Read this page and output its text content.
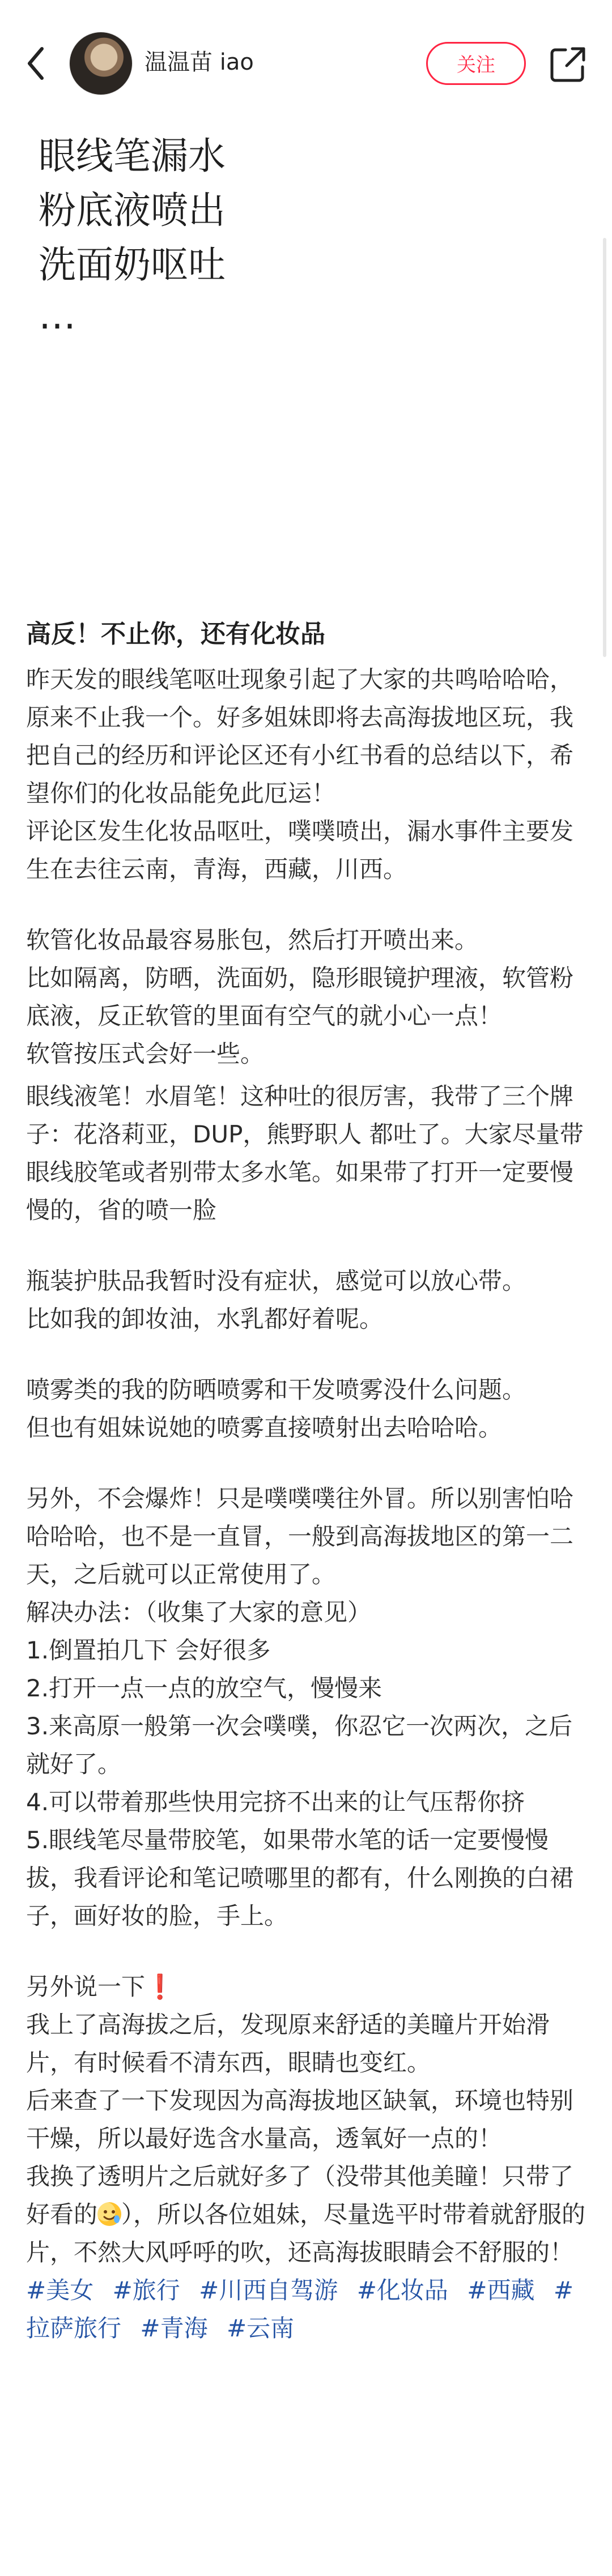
温温苗 iao	关注
眼线笔漏水
粉底液喷出
洗面奶呕吐
…
高反！不止你，还有化妆品

昨天发的眼线笔呕吐现象引起了大家的共鸣哈哈哈，原来不止我一个。好多姐妹即将去高海拔地区玩，我把自己的经历和评论区还有小红书看的总结以下，希望你们的化妆品能免此厄运！
评论区发生化妆品呕吐，噗噗喷出，漏水事件主要发生在去往云南，青海，西藏，川西。

软管化妆品最容易胀包，然后打开喷出来。
比如隔离，防晒，洗面奶，隐形眼镜护理液，软管粉底液，反正软管的里面有空气的就小心一点！
软管按压式会好一些。

眼线液笔！水眉笔！这种吐的很厉害，我带了三个牌子：花洛莉亚，DUP，熊野职人 都吐了。大家尽量带眼线胶笔或者别带太多水笔。如果带了打开一定要慢慢的，省的喷一脸

瓶装护肤品我暂时没有症状，感觉可以放心带。
比如我的卸妆油，水乳都好着呢。

喷雾类的我的防晒喷雾和干发喷雾没什么问题。
但也有姐妹说她的喷雾直接喷射出去哈哈哈。

另外，不会爆炸！只是噗噗噗往外冒。所以别害怕哈哈哈哈，也不是一直冒，一般到高海拔地区的第一二天，之后就可以正常使用了。
解决办法：（收集了大家的意见）
1.倒置拍几下 会好很多
2.打开一点一点的放空气，慢慢来
3.来高原一般第一次会噗噗，你忍它一次两次，之后就好了。
4.可以带着那些快用完挤不出来的让气压帮你挤
5.眼线笔尽量带胶笔，如果带水笔的话一定要慢慢拔，我看评论和笔记喷哪里的都有，什么刚换的白裙子，画好妆的脸，手上。

另外说一下❗

我上了高海拔之后，发现原来舒适的美瞳片开始滑片，有时候看不清东西，眼睛也变红。
后来查了一下发现因为高海拔地区缺氧，环境也特别干燥，所以最好选含水量高，透氧好一点的！
我换了透明片之后就好多了（没带其他美瞳！只带了好看的 ），所以各位姐妹，尽量选平时带着就舒服的片，不然大风呼呼的吹，还高海拔眼睛会不舒服的！

#美女 #旅行 #川西自驾游 #化妆品 #西藏 #拉萨旅行 #青海 #云南
